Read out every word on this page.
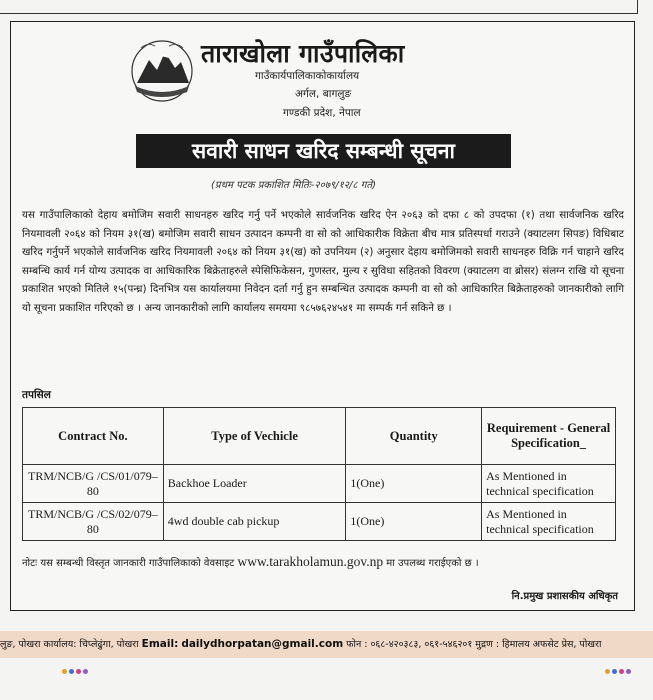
ताराखोला गाउँपालिका
गाउँकार्यपालिकाकोकार्यालय
अर्गल, बागलुङ
गण्डकी प्रदेश, नेपाल
सवारी साधन खरिद सम्बन्धी सूचना
(प्रथम पटक प्रकाशित मितिः-२०७९/१२/८ गते)

यस गाउँपालिकाको देहाय बमोजिम सवारी साधनहरु खरिद गर्नु पर्ने भएकोले सार्वजनिक खरिद ऐन २०६३ को दफा ८ को उपदफा (१) तथा सार्वजनिक खरिद नियमावली २०६४ को नियम ३१(ख) बमोजिम सवारी साधन उत्पादन कम्पनी वा सो को आधिकारीक विक्रेता बीच मात्र प्रतिस्पर्धा गराउने (क्याटलग सिपङ) विधिबाट खरिद गर्नुपर्ने भएकोले सार्वजनिक खरिद नियमावली २०६४ को नियम ३१(ख) को उपनियम (२) अनुसार देहाय बमोजिमको सवारी साधनहरु विक्रि गर्न चाहाने खरिद सम्बन्धि कार्य गर्न योग्य उत्पादक वा आधिकारिक बिक्रेताहरुले स्पेसिफिकेसन, गुणस्तर, मुल्य र सुविधा सहितको विवरण (क्याटलग वा ब्रोसर) संलग्न राखि यो सूचना प्रकाशित भएको मितिले १५(पन्ध्र) दिनभित्र यस कार्यालयमा निवेदन दर्ता गर्नु हुन सम्बन्धित उत्पादक कम्पनी वा सो को आधिकारित बिक्रेताहरुको जानकारीको लागि यो सूचना प्रकाशित गरिएको छ । अन्य जानकारीको लागि कार्यालय समयमा ९८५७६२४५४१ मा सम्पर्क गर्न सकिने छ ।

तपसिल
Contract No.	Type of Vechicle	Quantity	Requirement - General Specification_
TRM/NCB/G /CS/01/079–80	Backhoe Loader	1(One)	As Mentioned in technical specification
TRM/NCB/G /CS/02/079–80	4wd double cab pickup	1(One)	As Mentioned in technical specification
नोटः यस सम्बन्धी विस्तृत जानकारी गाउँपालिकाको वेवसाइट www.tarakholamun.gov.np मा उपलब्ध गराईएको छ ।
नि.प्रमुख प्रशासकीय अधिकृत
लुङ, पोखरा कार्यालय: चिप्लेढुंगा, पोखरा Email: dailydhorpatan@gmail.com फोन : ०६८-४२०३८३, ०६१-५४६२०१ मुद्रण : हिमालय अफसेट प्रेस, पोखरा
